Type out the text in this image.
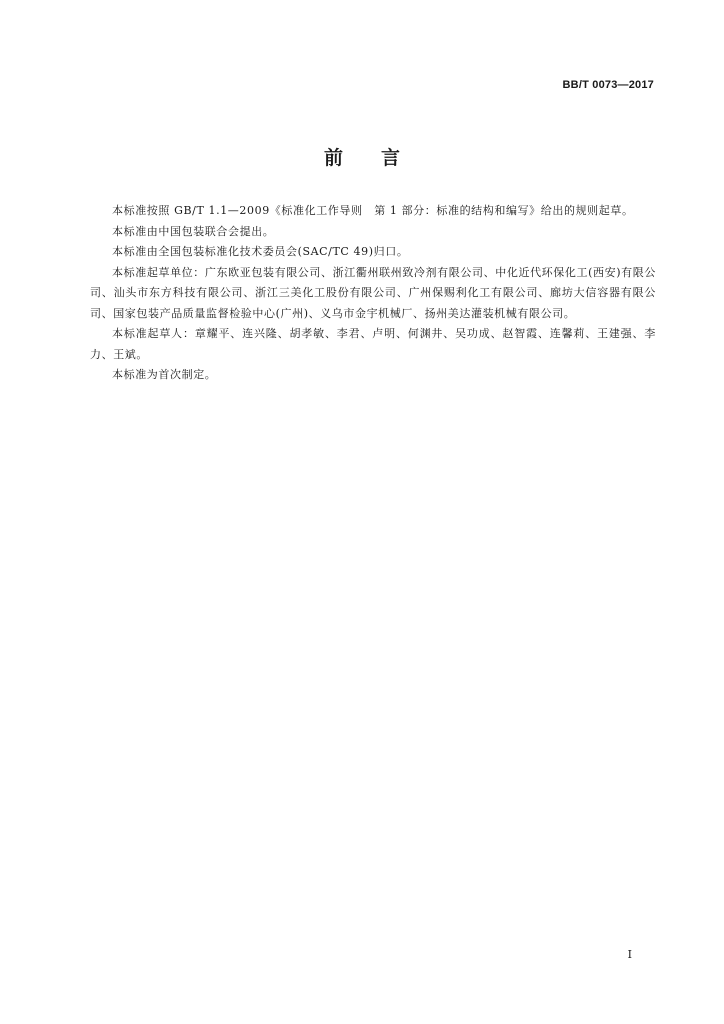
BB/T 0073—2017
前 言

本标准按照 GB/T 1.1—2009《标准化工作导则　第 1 部分：标准的结构和编写》给出的规则起草。

本标准由中国包装联合会提出。

本标准由全国包装标准化技术委员会(SAC/TC 49)归口。

本标准起草单位：广东欧亚包装有限公司、浙江衢州联州致冷剂有限公司、中化近代环保化工(西安)有限公司、汕头市东方科技有限公司、浙江三美化工股份有限公司、广州保赐利化工有限公司、廊坊大信容器有限公司、国家包装产品质量监督检验中心(广州)、义乌市金宇机械厂、扬州美达灌装机械有限公司。

本标准起草人：章耀平、连兴隆、胡孝敏、李君、卢明、何渊井、吴功成、赵智霞、连馨莉、王建强、李力、王斌。

本标准为首次制定。

I
